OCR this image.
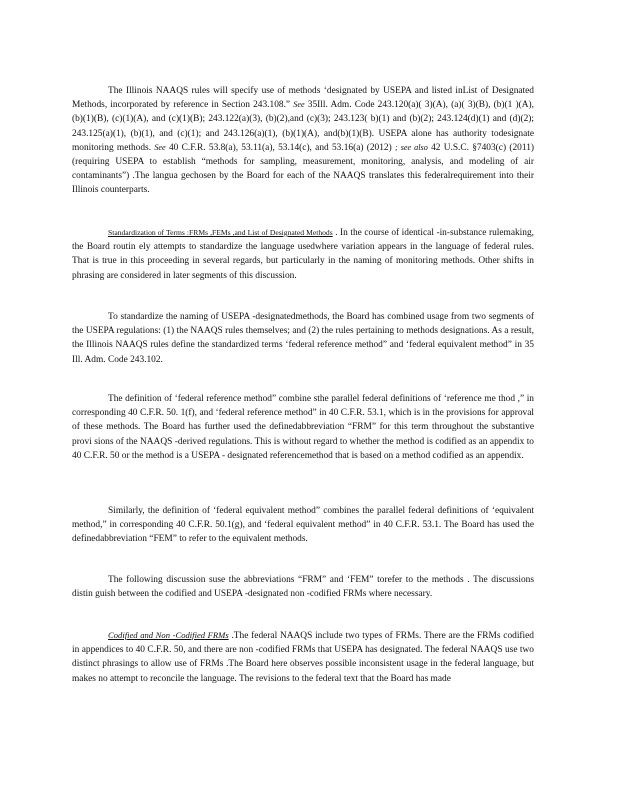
The Illinois NAAQS rules will specify use of methods ‘designated by USEPA and listed inList of Designated Methods, incorporated by reference in Section 243.108.” See 35Ill. Adm. Code 243.120(a)( 3)(A), (a)( 3)(B), (b)(1 )(A), (b)(1)(B), (c)(1)(A), and (c)(1)(B); 243.122(a)(3), (b)(2),and (c)(3); 243.123( b)(1) and (b)(2); 243.124(d)(1) and (d)(2); 243.125(a)(1), (b)(1), and (c)(1); and 243.126(a)(1), (b)(1)(A), and(b)(1)(B). USEPA alone has authority todesignate monitoring methods. See 40 C.F.R. 53.8(a), 53.11(a), 53.14(c), and 53.16(a) (2012) ; see also 42 U.S.C. §7403(c) (2011) (requiring USEPA to establish “methods for sampling, measurement, monitoring, analysis, and modeling of air contaminants”) .The langua gechosen by the Board for each of the NAAQS translates this federalrequirement into their Illinois counterparts.

Standardization of Terms :FRMs ,FEMs ,and List of Designated Methods . In the course of identical -in-substance rulemaking, the Board routin ely attempts to standardize the language usedwhere variation appears in the language of federal rules. That is true in this proceeding in several regards, but particularly in the naming of monitoring methods. Other shifts in phrasing are considered in later segments of this discussion.

To standardize the naming of USEPA -designatedmethods, the Board has combined usage from two segments of the USEPA regulations: (1) the NAAQS rules themselves; and (2) the rules pertaining to methods designations. As a result, the Illinois NAAQS rules define the standardized terms ‘federal reference method” and ‘federal equivalent method” in 35 Ill. Adm. Code 243.102.

The definition of ‘federal reference method” combine sthe parallel federal definitions of ‘reference me thod ,” in corresponding 40 C.F.R. 50. 1(f), and ‘federal reference method” in 40 C.F.R. 53.1, which is in the provisions for approval of these methods. The Board has further used the definedabbreviation “FRM” for this term throughout the substantive provi sions of the NAAQS -derived regulations. This is without regard to whether the method is codified as an appendix to 40 C.F.R. 50 or the method is a USEPA - designated referencemethod that is based on a method codified as an appendix.

Similarly, the definition of ‘federal equivalent method” combines the parallel federal definitions of ‘equivalent method,” in corresponding 40 C.F.R. 50.1(g), and ‘federal equivalent method” in 40 C.F.R. 53.1. The Board has used the definedabbreviation “FEM” to refer to the equivalent methods.

The following discussion suse the abbreviations “FRM” and ‘FEM” torefer to the methods . The discussions distin guish between the codified and USEPA -designated non -codified FRMs where necessary.

Codified and Non -Codified FRMs .The federal NAAQS include two types of FRMs. There are the FRMs codified in appendices to 40 C.F.R. 50, and there are non -codified FRMs that USEPA has designated. The federal NAAQS use two distinct phrasings to allow use of FRMs .The Board here observes possible inconsistent usage in the federal language, but makes no attempt to reconcile the language. The revisions to the federal text that the Board has made
